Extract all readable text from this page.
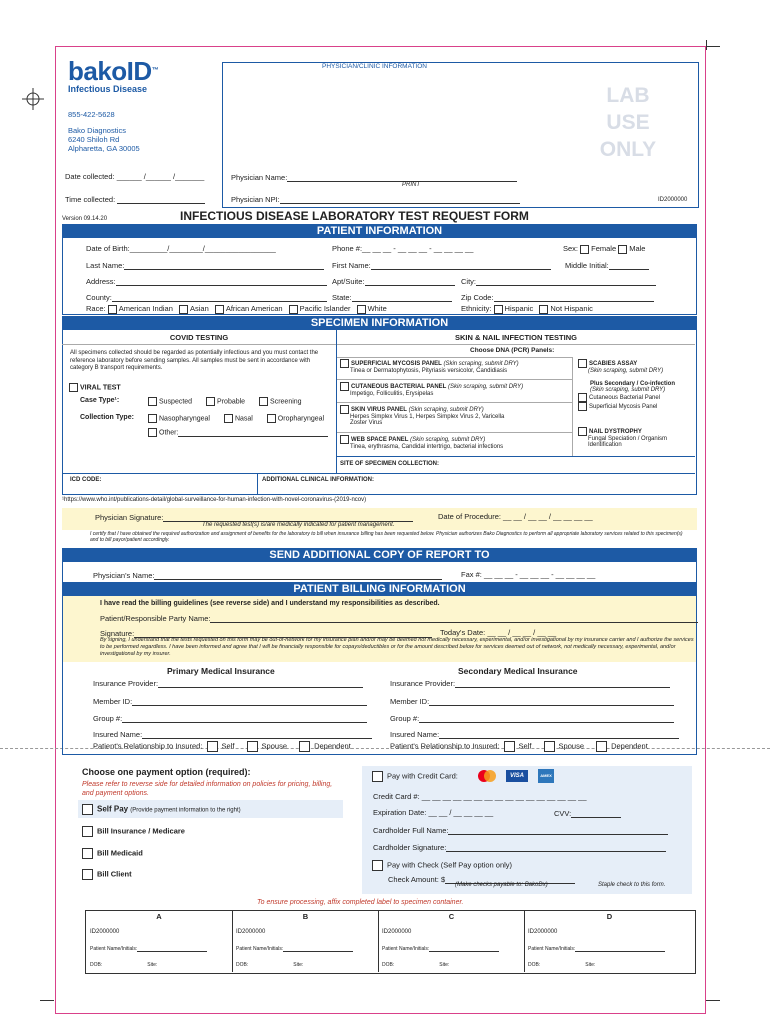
bakoID™
Infectious Disease
855-422-5628
Bako Diagnostics
6240 Shiloh Rd
Alpharetta, GA 30005
Date collected: ______ /______ /_______
Time collected:
Version 09.14.20
PHYSICIAN/CLINIC INFORMATION
LAB
USE
ONLY
Physician Name:
PRINT
Physician NPI:	ID2000000
INFECTIOUS DISEASE LABORATORY TEST REQUEST FORM
PATIENT INFORMATION
Date of Birth:_________/________/_________________	Phone #:__ __ __ - __ __ __ - __ __ __ __	Sex: Female Male
Last Name:	First Name:	Middle Initial:
Address:	Apt/Suite:	City:
County:	State:	Zip Code:
Race: American Indian Asian African American Pacific Islander White	Ethnicity: Hispanic Not Hispanic
SPECIMEN INFORMATION
COVID TESTING
All specimens collected should be regarded as potentially infectious and you must contact the reference laboratory before sending samples. All samples must be sent in accordance with category B transport requirements.
VIRAL TEST
Case Type¹:	Suspected	Probable	Screening
Collection Type:	Nasopharyngeal	Nasal	Oropharyngeal
Other:
SKIN & NAIL INFECTION TESTING
Choose DNA (PCR) Panels:
SUPERFICIAL MYCOSIS PANEL (Skin scraping, submit DRY)
Tinea or Dermatophytosis, Pityriasis versicolor, Candidiasis
CUTANEOUS BACTERIAL PANEL (Skin scraping, submit DRY)
Impetigo, Folliculitis, Erysipelas
SKIN VIRUS PANEL (Skin scraping, submit DRY)
Herpes Simplex Virus 1, Herpes Simplex Virus 2, Varicella Zoster Virus
WEB SPACE PANEL (Skin scraping, submit DRY)
Tinea, erythrasma, Candidal intertrigo, bacterial infections
SCABIES ASSAY
(Skin scraping, submit DRY)
Plus Secondary / Co-infection
(Skin scraping, submit DRY)
Cutaneous Bacterial Panel
Superficial Mycosis Panel
NAIL DYSTROPHY
Fungal Speciation / Organism Identification
SITE OF SPECIMEN COLLECTION:
ICD CODE:	ADDITIONAL CLINICAL INFORMATION:
¹https://www.who.int/publications-detail/global-surveillance-for-human-infection-with-novel-coronavirus-(2019-ncov)
Physician Signature:
The requested test(s) is/are medically indicated for patient management.
Date of Procedure: __ __ / __ __ / __ __ __ __
I certify that I have obtained the required authorization and assignment of benefits for the laboratory to bill when insurance billing has been requested below. Physician authorizes Bako Diagnostics to perform all appropriate laboratory services related to this specimen(s) and to bill payor/patient accordingly.
SEND ADDITIONAL COPY OF REPORT TO
Physician's Name:	Fax #: __ __ __ - __ __ __ - __ __ __ __
PATIENT BILLING INFORMATION
I have read the billing guidelines (see reverse side) and I understand my responsibilities as described.
Patient/Responsible Party Name:
Signature:	Today's Date: __ __ / __ __ / __ __
By signing, I understand that the tests requested on this form may be out-of-network for my insurance plan and/or may be deemed not medically necessary, experimental, and/or investigational by my insurance carrier and I authorize the services to be performed regardless. I have been informed and agree that I will be financially responsible for copays/deductibles or for the amount described below for services deemed out of network, not medically necessary, experimental, and/or investigational by my insurer.
Primary Medical Insurance	Secondary Medical Insurance
Insurance Provider:
Member ID:
Group #:
Insured Name:
Patient's Relationship to Insured:	Self	Spouse	Dependent
Insurance Provider:
Member ID:
Group #:
Insured Name:
Patient's Relationship to Insured:	Self	Spouse	Dependent
Choose one payment option (required):
Please refer to reverse side for detailed information on policies for pricing, billing, and payment options.
Self Pay (Provide payment information to the right)
Bill Insurance / Medicare
Bill Medicaid
Bill Client
Pay with Credit Card:	VISA	AMEX
Credit Card #: __ __ __ __ __ __ __ __ __ __ __ __ __ __ __ __
Expiration Date: __ __ / __ __ __ __	CVV:
Cardholder Full Name:
Cardholder Signature:
Pay with Check (Self Pay option only)
Check Amount: $
(Make checks payable to: BakoDx)	Staple check to this form.
To ensure processing, affix completed label to specimen container.
A	B	C	D
ID2000000	ID2000000	ID2000000	ID2000000
Patient Name/Initials:	Patient Name/Initials:	Patient Name/Initials:	Patient Name/Initials:
DOB:	Site:	DOB:	Site:	DOB:	Site:	DOB:	Site:
